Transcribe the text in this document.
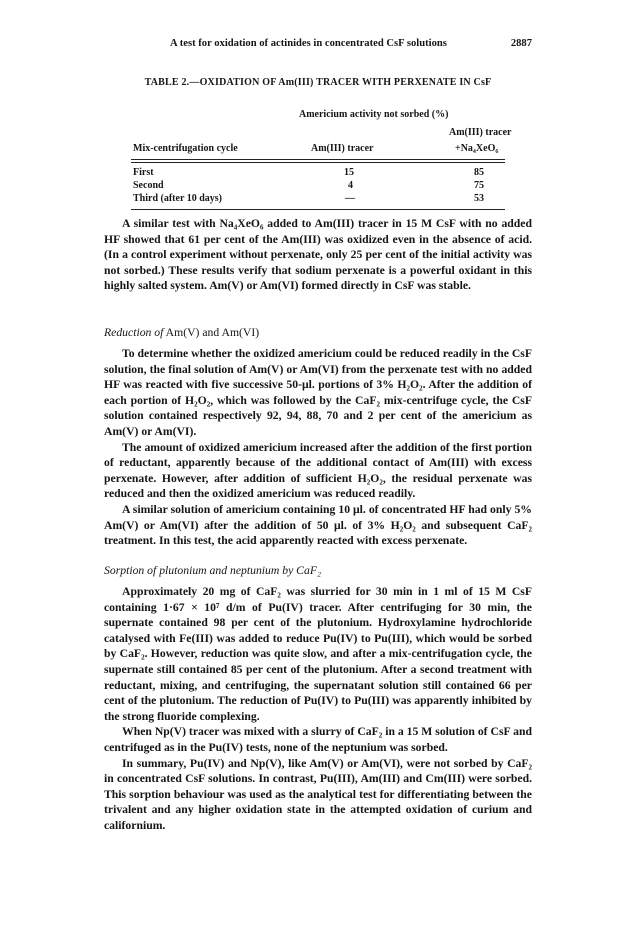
A test for oxidation of actinides in concentrated CsF solutions	2887
TABLE 2.—OXIDATION OF Am(III) TRACER WITH PERXENATE IN CsF
Americium activity not sorbed (%)
Am(III) tracer
Mix-centrifugation cycle	Am(III) tracer	+Na₄XeO₆
First	15	85
Second	4	75
Third (after 10 days)	—	53

A similar test with Na₄XeO₆ added to Am(III) tracer in 15 M CsF with no added HF showed that 61 per cent of the Am(III) was oxidized even in the absence of acid. (In a control experiment without perxenate, only 25 per cent of the initial activity was not sorbed.) These results verify that sodium perxenate is a powerful oxidant in this highly salted system. Am(V) or Am(VI) formed directly in CsF was stable.

Reduction of Am(V) and Am(VI)

To determine whether the oxidized americium could be reduced readily in the CsF solution, the final solution of Am(V) or Am(VI) from the perxenate test with no added HF was reacted with five successive 50-μl. portions of 3% H₂O₂. After the addition of each portion of H₂O₂, which was followed by the CaF₂ mix-centrifuge cycle, the CsF solution contained respectively 92, 94, 88, 70 and 2 per cent of the americium as Am(V) or Am(VI).

The amount of oxidized americium increased after the addition of the first portion of reductant, apparently because of the additional contact of Am(III) with excess perxenate. However, after addition of sufficient H₂O₂, the residual perxenate was reduced and then the oxidized americium was reduced readily.

A similar solution of americium containing 10 μl. of concentrated HF had only 5% Am(V) or Am(VI) after the addition of 50 μl. of 3% H₂O₂ and subsequent CaF₂ treatment. In this test, the acid apparently reacted with excess perxenate.

Sorption of plutonium and neptunium by CaF₂

Approximately 20 mg of CaF₂ was slurried for 30 min in 1 ml of 15 M CsF containing 1·67 × 10⁷ d/m of Pu(IV) tracer. After centrifuging for 30 min, the supernate contained 98 per cent of the plutonium. Hydroxylamine hydrochloride catalysed with Fe(III) was added to reduce Pu(IV) to Pu(III), which would be sorbed by CaF₂. However, reduction was quite slow, and after a mix-centrifugation cycle, the supernate still contained 85 per cent of the plutonium. After a second treatment with reductant, mixing, and centrifuging, the supernatant solution still contained 66 per cent of the plutonium. The reduction of Pu(IV) to Pu(III) was apparently inhibited by the strong fluoride complexing.

When Np(V) tracer was mixed with a slurry of CaF₂ in a 15 M solution of CsF and centrifuged as in the Pu(IV) tests, none of the neptunium was sorbed.

In summary, Pu(IV) and Np(V), like Am(V) or Am(VI), were not sorbed by CaF₂ in concentrated CsF solutions. In contrast, Pu(III), Am(III) and Cm(III) were sorbed. This sorption behaviour was used as the analytical test for differentiating between the trivalent and any higher oxidation state in the attempted oxidation of curium and californium.
